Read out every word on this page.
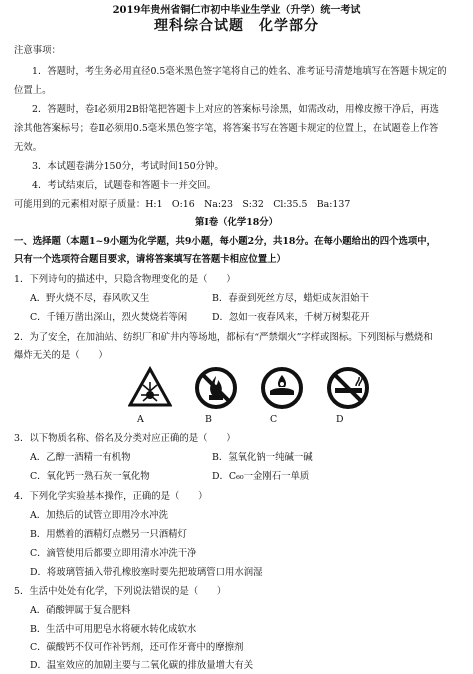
2019年贵州省铜仁市初中毕业生学业（升学）统一考试
理科综合试题　化学部分
注意事项：
1．答题时，考生务必用直径0.5毫米黑色签字笔将自己的姓名、准考证号清楚地填写在答题卡规定的
位置上。
2．答题时，卷Ⅰ必须用2B铅笔把答题卡上对应的答案标号涂黑，如需改动，用橡皮擦干净后，再选
涂其他答案标号；卷Ⅱ必须用0.5毫米黑色签字笔，将答案书写在答题卡规定的位置上，在试题卷上作答
无效。
3．本试题卷满分150分，考试时间150分钟。
4．考试结束后，试题卷和答题卡一并交回。
可能用到的元素相对原子质量：H:1　O:16　Na:23　S:32　Cl:35.5　Ba:137
第Ⅰ卷（化学18分）
一、选择题（本题1~9小题为化学题，共9小题，每小题2分，共18分。在每小题给出的四个选项中，
只有一个选项符合题目要求，请将答案填写在答题卡相应位置上）
1．下列诗句的描述中，只隐含物理变化的是（　　）
A．野火烧不尽，春风吹又生	B．春蚕到死丝方尽，蜡炬成灰泪始干
C．千锤万凿出深山，烈火焚烧若等闲	D．忽如一夜春风来，千树万树梨花开
2．为了安全，在加油站、纺织厂和矿井内等场地，都标有“严禁烟火”字样或图标。下列图标与燃烧和
爆炸无关的是（　　）
A	B	C	D
3．以下物质名称、俗名及分类对应正确的是（　　）
A．乙醇一酒精一有机物	B．氢氧化钠一纯碱一碱
C．氧化钙一熟石灰一氧化物	D．C₆₀一金刚石一单质
4．下列化学实验基本操作，正确的是（　　）
A．加热后的试管立即用冷水冲洗
B．用燃着的酒精灯点燃另一只酒精灯
C．滴管使用后都要立即用清水冲洗干净
D．将玻璃管插入带孔橡胶塞时要先把玻璃管口用水润湿
5．生活中处处有化学，下列说法错误的是（　　）
A．硝酸钾属于复合肥料
B．生活中可用肥皂水将硬水转化成软水
C．碳酸钙不仅可作补钙剂，还可作牙膏中的摩擦剂
D．温室效应的加剧主要与二氧化碳的排放量增大有关
